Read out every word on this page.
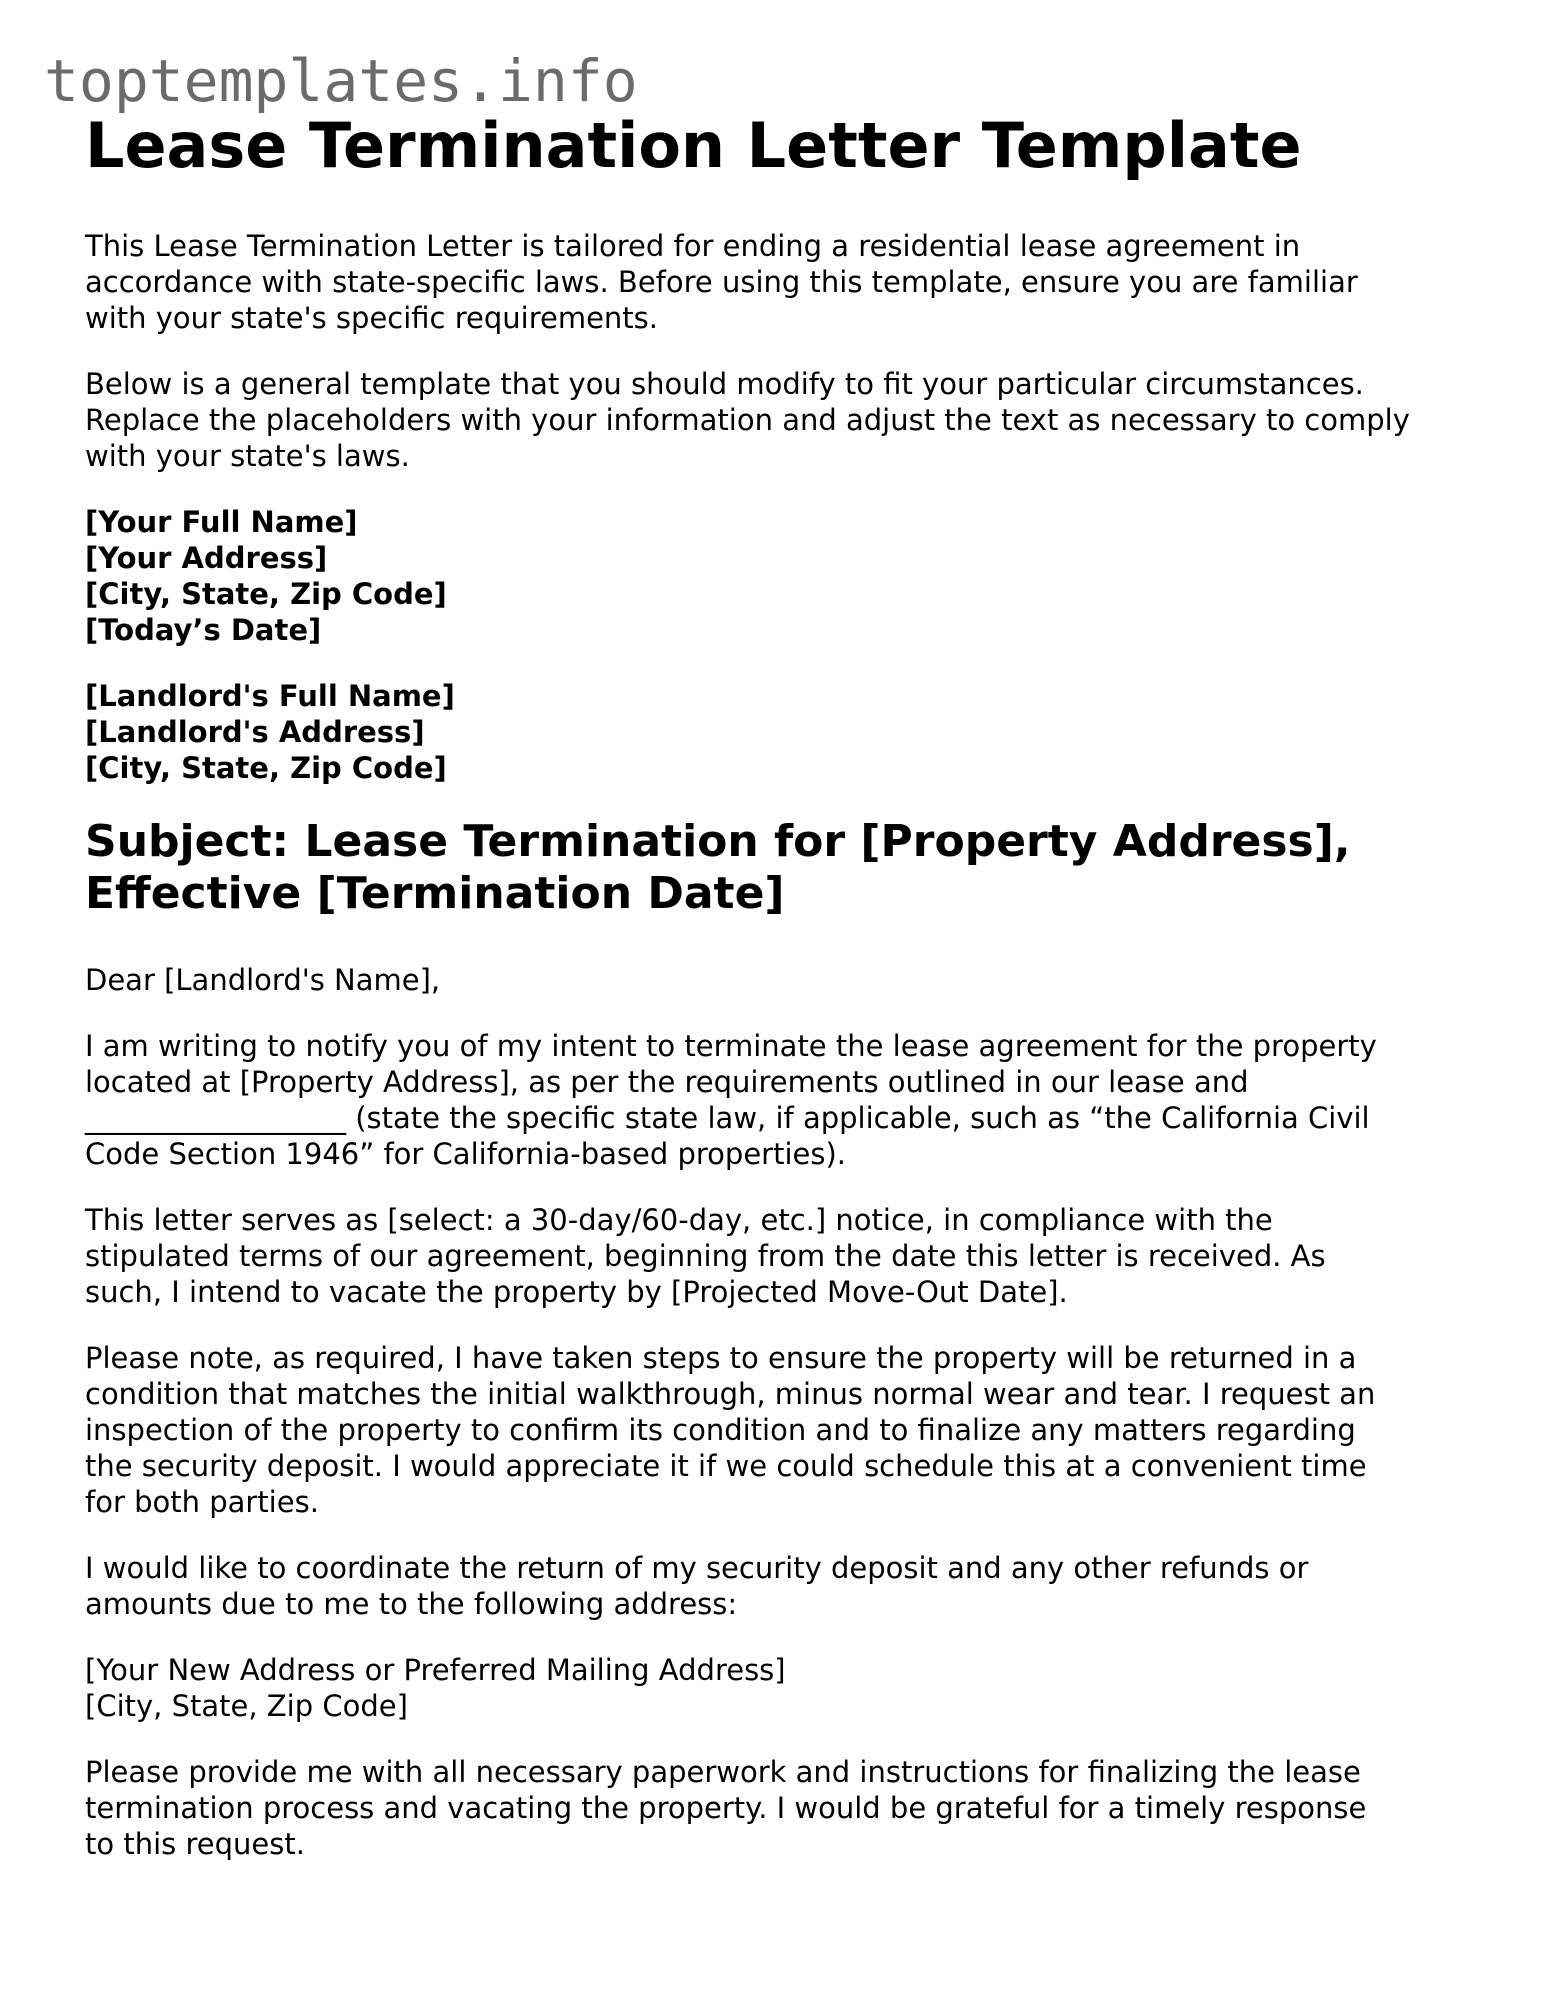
toptemplates.info
Lease Termination Letter Template

This Lease Termination Letter is tailored for ending a residential lease agreement in
accordance with state-specific laws. Before using this template, ensure you are familiar
with your state's specific requirements.

Below is a general template that you should modify to fit your particular circumstances.
Replace the placeholders with your information and adjust the text as necessary to comply
with your state's laws.

[Your Full Name]
[Your Address]
[City, State, Zip Code]
[Today’s Date]
[Landlord's Full Name]
[Landlord's Address]
[City, State, Zip Code]
Subject: Lease Termination for [Property Address],
Effective [Termination Date]

Dear [Landlord's Name],

I am writing to notify you of my intent to terminate the lease agreement for the property
located at [Property Address], as per the requirements outlined in our lease and
__________________ (state the specific state law, if applicable, such as “the California Civil
Code Section 1946” for California-based properties).

This letter serves as [select: a 30-day/60-day, etc.] notice, in compliance with the
stipulated terms of our agreement, beginning from the date this letter is received. As
such, I intend to vacate the property by [Projected Move-Out Date].

Please note, as required, I have taken steps to ensure the property will be returned in a
condition that matches the initial walkthrough, minus normal wear and tear. I request an
inspection of the property to confirm its condition and to finalize any matters regarding
the security deposit. I would appreciate it if we could schedule this at a convenient time
for both parties.

I would like to coordinate the return of my security deposit and any other refunds or
amounts due to me to the following address:

[Your New Address or Preferred Mailing Address]
[City, State, Zip Code]

Please provide me with all necessary paperwork and instructions for finalizing the lease
termination process and vacating the property. I would be grateful for a timely response
to this request.
